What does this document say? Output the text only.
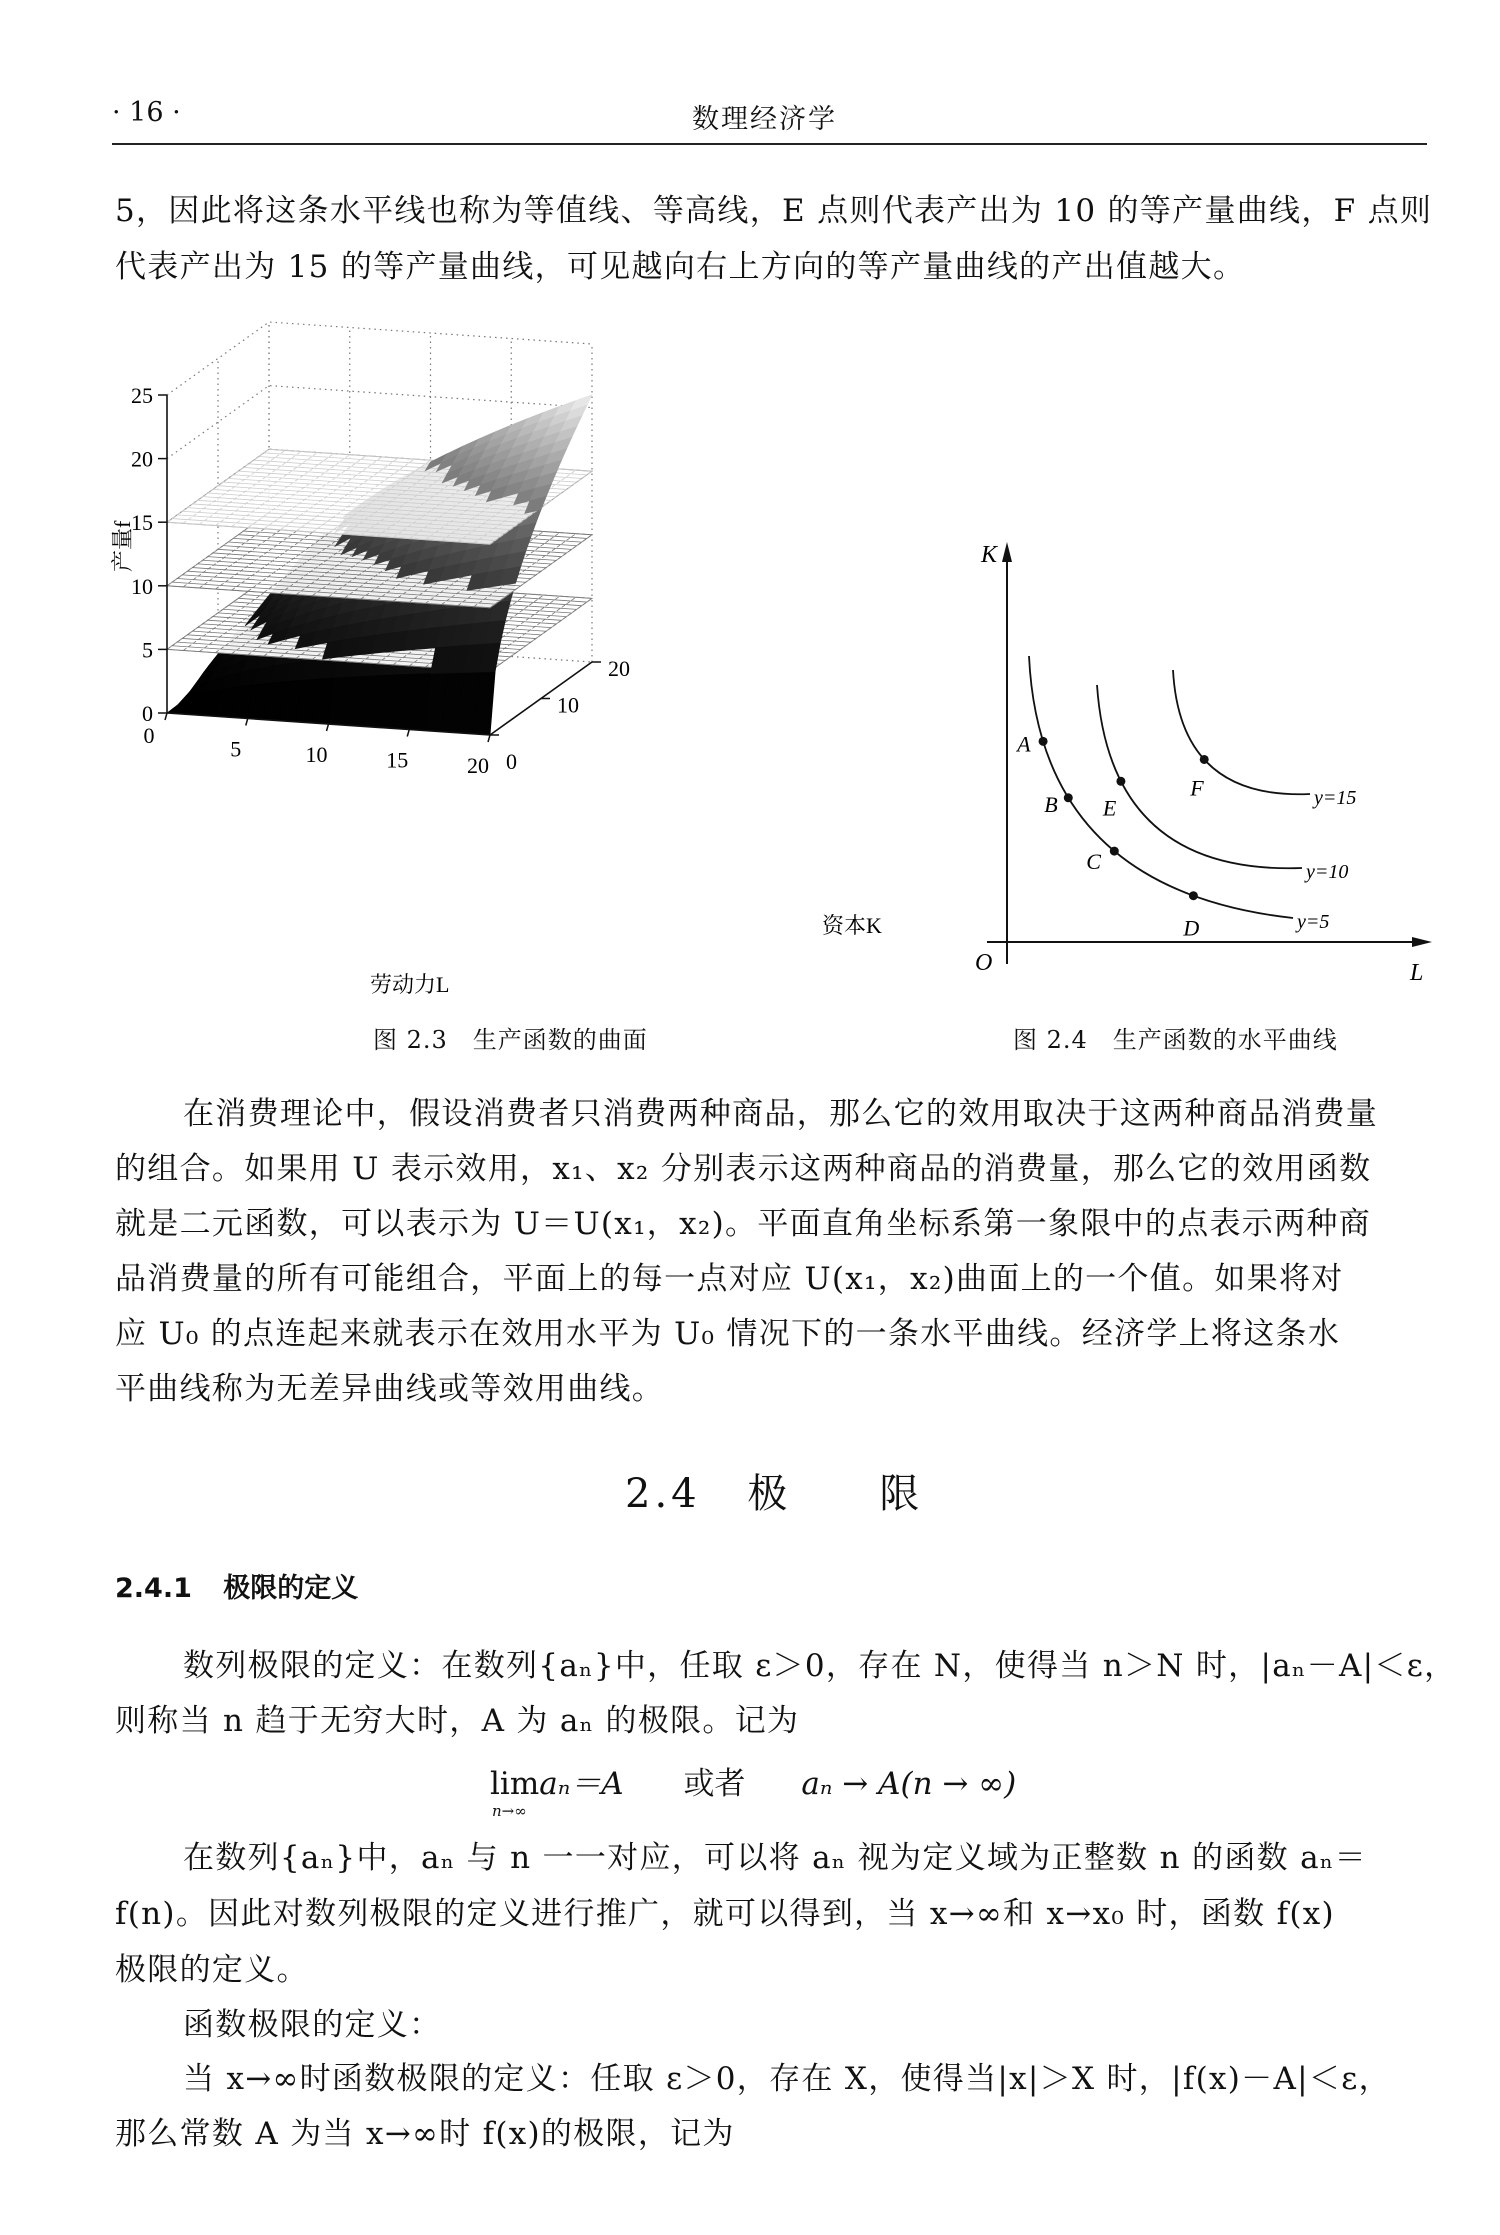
· 16 ·	数理经济学
5，因此将这条水平线也称为等值线、等高线，E 点则代表产出为 10 的等产量曲线，F 点则
代表产出为 15 的等产量曲线，可见越向右上方向的等产量曲线的产出值越大。
0
5
10
15
20
25
0
5	10	15	20 0
10
20
劳动力L
资本K
产量f
图 2.3　生产函数的曲面
K
L
O
y=5
A
B
C
D
y=10
E	y=15
F
图 2.4　生产函数的水平曲线
在消费理论中，假设消费者只消费两种商品，那么它的效用取决于这两种商品消费量
的组合。如果用 U 表示效用，x₁、x₂ 分别表示这两种商品的消费量，那么它的效用函数
就是二元函数，可以表示为 U＝U(x₁，x₂)。平面直角坐标系第一象限中的点表示两种商
品消费量的所有可能组合，平面上的每一点对应 U(x₁，x₂)曲面上的一个值。如果将对
应 U₀ 的点连起来就表示在效用水平为 U₀ 情况下的一条水平曲线。经济学上将这条水
平曲线称为无差异曲线或等效用曲线。
2.4 极　　限
2.4.1 极限的定义
数列极限的定义：在数列{aₙ}中，任取 ε＞0，存在 N，使得当 n＞N 时，|aₙ－A|＜ε，
则称当 n 趋于无穷大时，A 为 aₙ 的极限。记为
lim
n→∞
aₙ＝A 或者 aₙ → A(n → ∞)
在数列{aₙ}中，aₙ 与 n 一一对应，可以将 aₙ 视为定义域为正整数 n 的函数 aₙ＝
f(n)。因此对数列极限的定义进行推广，就可以得到，当 x→∞和 x→x₀ 时，函数 f(x)
极限的定义。
函数极限的定义：
当 x→∞时函数极限的定义：任取 ε＞0，存在 X，使得当|x|＞X 时，|f(x)－A|＜ε，
那么常数 A 为当 x→∞时 f(x)的极限，记为
